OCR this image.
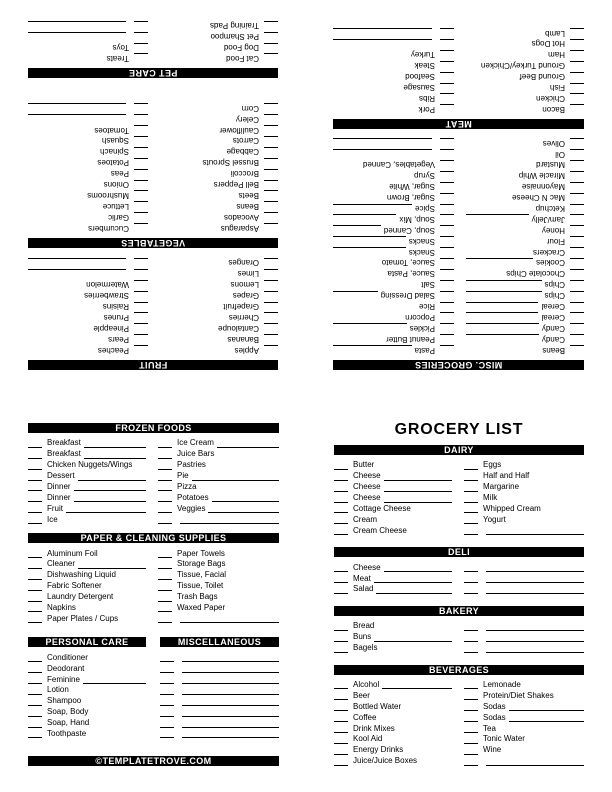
MISC. GROCERIES
Beans
Candy
Candy
Cereal
Cereal
Chips
Chips
Chocolate Chips
Cookies
Crackers
Flour
Honey
Jam/Jelly
Ketchup
Mac N Cheese
Mayonnaise
Miracle Whip
Mustard
Oil
Olives
Pasta
Peanut Butter
Pickles
Popcorn
Rice
Salad Dressing
Salt
Sauce, Pasta
Sauce, Tomato
Snacks
Snacks
Soup, Canned
Soup, Mix
Spice
Sugar, Brown
Sugar, White
Syrup
Vegetables, Canned
MEAT
Bacon
Chicken
Fish
Ground Beef
Ground Turkey/Chicken
Ham
Hot Dogs
Lamb
Pork
Ribs
Sausage
Seafood
Steak
Turkey
FRUIT
Apples
Bananas
Cantaloupe
Cherries
Grapefruit
Grapes
Lemons
Limes
Oranges
Peaches
Pears
Pineapple
Prunes
Raisins
Strawberries
Watermelon
VEGETABLES
Asparagus
Avocados
Beans
Beets
Bell Peppers
Broccoli
Brussel Sprouts
Cabbage
Carrots
Cauliflower
Celery
Corn
Cucumbers
Garlic
Lettuce
Mushrooms
Onions
Peas
Potatoes
Spinach
Squash
Tomatoes
PET CARE
Cat Food
Dog Food
Pet Shampoo
Training Pads
Treats
Toys
FROZEN FOODS
Breakfast
Breakfast
Chicken Nuggets/Wings
Dessert
Dinner
Dinner
Fruit
Ice
Ice Cream
Juice Bars
Pastries
Pie
Pizza
Potatoes
Veggies
PAPER & CLEANING SUPPLIES
Aluminum Foil
Cleaner
Dishwashing Liquid
Fabric Softener
Laundry Detergent
Napkins
Paper Plates / Cups
Paper Towels
Storage Bags
Tissue, Facial
Tissue, Toilet
Trash Bags
Waxed Paper
PERSONAL CARE
Conditioner
Deodorant
Feminine
Lotion
Shampoo
Soap, Body
Soap, Hand
Toothpaste
MISCELLANEOUS
©TEMPLATETROVE.COM
GROCERY LIST
DAIRY
Butter
Cheese
Cheese
Cheese
Cottage Cheese
Cream
Cream Cheese
Eggs
Half and Half
Margarine
Milk
Whipped Cream
Yogurt
DELI
Cheese
Meat
Salad
BAKERY
Bread
Buns
Bagels
BEVERAGES
Alcohol
Beer
Bottled Water
Coffee
Drink Mixes
Kool Aid
Energy Drinks
Juice/Juice Boxes
Lemonade
Protein/Diet Shakes
Sodas
Sodas
Tea
Tonic Water
Wine
